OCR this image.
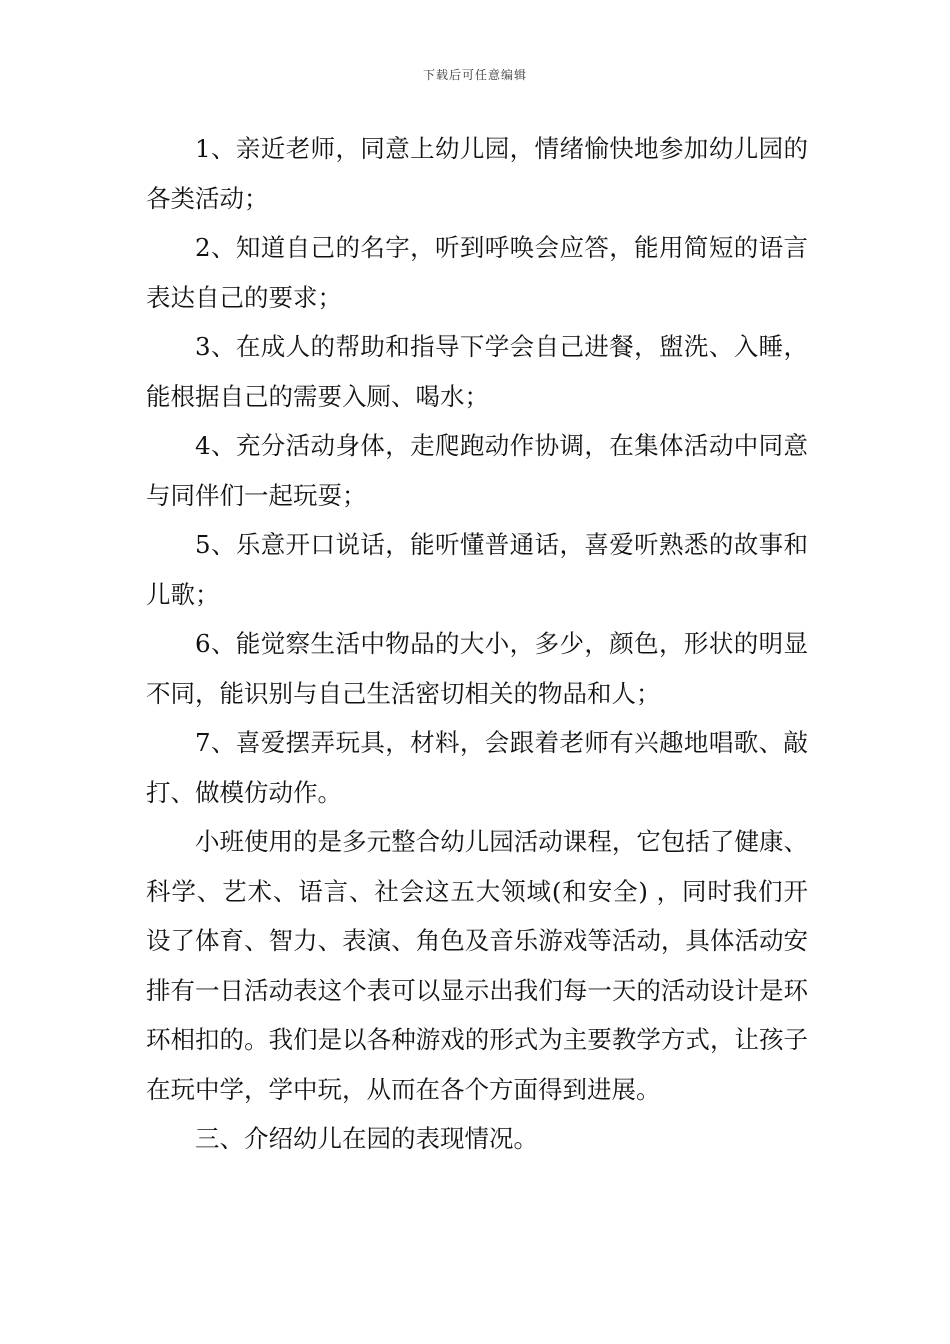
下载后可任意编辑

1、亲近老师，同意上幼儿园，情绪愉快地参加幼儿园的各类活动；

2、知道自己的名字，听到呼唤会应答，能用简短的语言表达自己的要求；

3、在成人的帮助和指导下学会自己进餐，盥洗、入睡，能根据自己的需要入厕、喝水；

4、充分活动身体，走爬跑动作协调，在集体活动中同意与同伴们一起玩耍；

5、乐意开口说话，能听懂普通话，喜爱听熟悉的故事和儿歌；

6、能觉察生活中物品的大小，多少，颜色，形状的明显不同，能识别与自己生活密切相关的物品和人；

7、喜爱摆弄玩具，材料，会跟着老师有兴趣地唱歌、敲打、做模仿动作。

小班使用的是多元整合幼儿园活动课程，它包括了健康、科学、艺术、语言、社会这五大领域(和安全) ，同时我们开设了体育、智力、表演、角色及音乐游戏等活动，具体活动安排有一日活动表这个表可以显示出我们每一天的活动设计是环环相扣的。我们是以各种游戏的形式为主要教学方式，让孩子在玩中学，学中玩，从而在各个方面得到进展。

三、介绍幼儿在园的表现情况。
